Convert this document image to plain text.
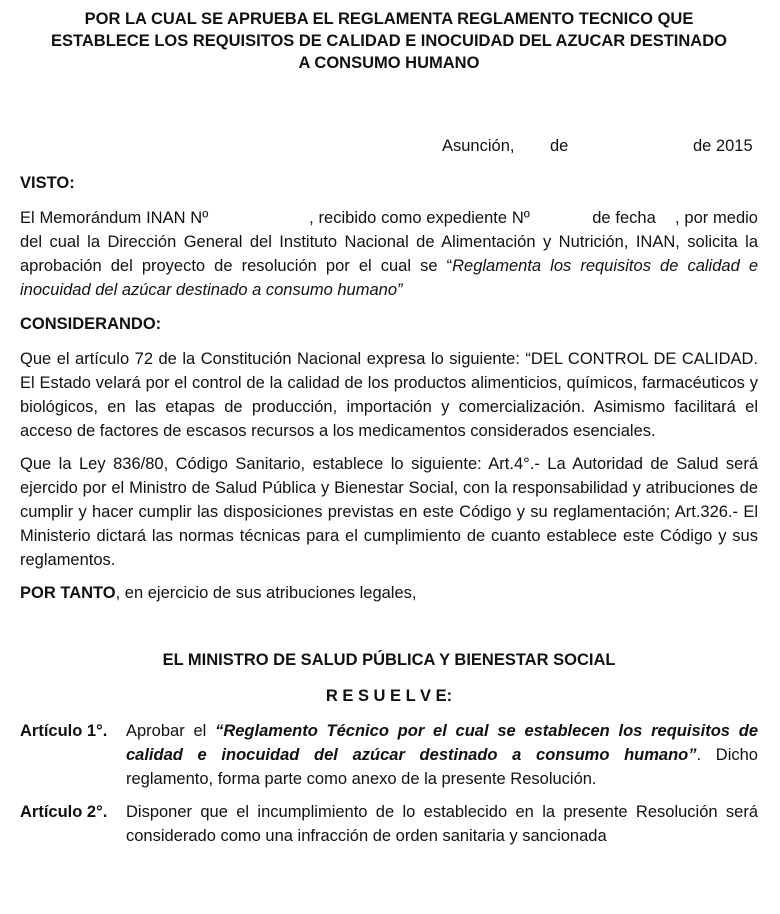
POR LA CUAL SE APRUEBA EL REGLAMENTA REGLAMENTO TECNICO QUE
ESTABLECE LOS REQUISITOS DE CALIDAD E INOCUIDAD DEL AZUCAR DESTINADO
A CONSUMO HUMANO
Asunción, de	de 2015
VISTO:

El Memorándum INAN Nº                     , recibido como expediente Nº             de fecha    , por medio del cual la Dirección General del Instituto Nacional de Alimentación y Nutrición, INAN, solicita la aprobación del proyecto de resolución por el cual se “Reglamenta los requisitos de calidad e inocuidad del azúcar destinado a consumo humano”

CONSIDERANDO:

Que el artículo 72 de la Constitución Nacional expresa lo siguiente: “DEL CONTROL DE CALIDAD. El Estado velará por el control de la calidad de los productos alimenticios, químicos, farmacéuticos y biológicos, en las etapas de producción, importación y comercialización. Asimismo facilitará el acceso de factores de escasos recursos a los medicamentos considerados esenciales.

Que la Ley 836/80, Código Sanitario, establece lo siguiente: Art.4°.- La Autoridad de Salud será ejercido por el Ministro de Salud Pública y Bienestar Social, con la responsabilidad y atribuciones de cumplir y hacer cumplir las disposiciones previstas en este Código y su reglamentación; Art.326.- El Ministerio dictará las normas técnicas para el cumplimiento de cuanto establece este Código y sus reglamentos.

POR TANTO, en ejercicio de sus atribuciones legales,

EL MINISTRO DE SALUD PÚBLICA Y BIENESTAR SOCIAL
R E S U E L V E:
Artículo 1°.	Aprobar el “Reglamento Técnico por el cual se establecen los requisitos de calidad e inocuidad del azúcar destinado a consumo humano”. Dicho reglamento, forma parte como anexo de la presente Resolución.
Artículo 2°.	Disponer que el incumplimiento de lo establecido en la presente Resolución será considerado como una infracción de orden sanitaria y sancionada
